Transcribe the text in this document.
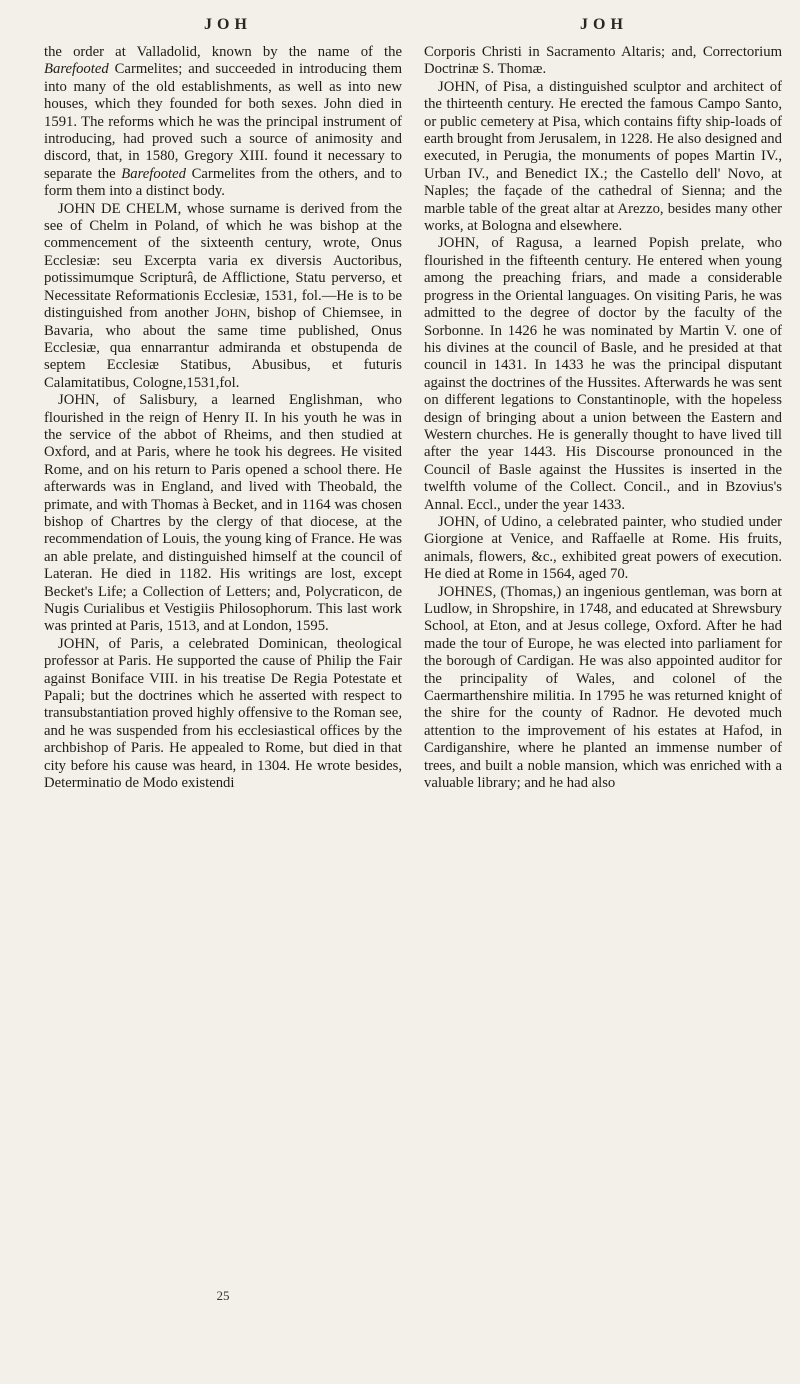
JOH	JOH

the order at Valladolid, known by the name of the Barefooted Carmelites; and succeeded in introducing them into many of the old establishments, as well as into new houses, which they founded for both sexes. John died in 1591. The reforms which he was the principal instrument of introducing, had proved such a source of animosity and discord, that, in 1580, Gregory XIII. found it necessary to separate the Barefooted Carmelites from the others, and to form them into a distinct body.

JOHN DE CHELM, whose surname is derived from the see of Chelm in Poland, of which he was bishop at the commencement of the sixteenth century, wrote, Onus Ecclesiæ: seu Excerpta varia ex diversis Auctoribus, potissimumque Scripturâ, de Afflictione, Statu perverso, et Necessitate Reformationis Ecclesiæ, 1531, fol.—He is to be distinguished from another JOHN, bishop of Chiemsee, in Bavaria, who about the same time published, Onus Ecclesiæ, qua ennarrantur admiranda et obstupenda de septem Ecclesiæ Statibus, Abusibus, et futuris Calamitatibus, Cologne,1531,fol.

JOHN, of Salisbury, a learned Englishman, who flourished in the reign of Henry II. In his youth he was in the service of the abbot of Rheims, and then studied at Oxford, and at Paris, where he took his degrees. He visited Rome, and on his return to Paris opened a school there. He afterwards was in England, and lived with Theobald, the primate, and with Thomas à Becket, and in 1164 was chosen bishop of Chartres by the clergy of that diocese, at the recommendation of Louis, the young king of France. He was an able prelate, and distinguished himself at the council of Lateran. He died in 1182. His writings are lost, except Becket's Life; a Collection of Letters; and, Polycraticon, de Nugis Curialibus et Vestigiis Philosophorum. This last work was printed at Paris, 1513, and at London, 1595.

JOHN, of Paris, a celebrated Dominican, theological professor at Paris. He supported the cause of Philip the Fair against Boniface VIII. in his treatise De Regia Potestate et Papali; but the doctrines which he asserted with respect to transubstantiation proved highly offensive to the Roman see, and he was suspended from his ecclesiastical offices by the archbishop of Paris. He appealed to Rome, but died in that city before his cause was heard, in 1304. He wrote besides, Determinatio de Modo existendi

Corporis Christi in Sacramento Altaris; and, Correctorium Doctrinæ S. Thomæ.

JOHN, of Pisa, a distinguished sculptor and architect of the thirteenth century. He erected the famous Campo Santo, or public cemetery at Pisa, which contains fifty ship-loads of earth brought from Jerusalem, in 1228. He also designed and executed, in Perugia, the monuments of popes Martin IV., Urban IV., and Benedict IX.; the Castello dell' Novo, at Naples; the façade of the cathedral of Sienna; and the marble table of the great altar at Arezzo, besides many other works, at Bologna and elsewhere.

JOHN, of Ragusa, a learned Popish prelate, who flourished in the fifteenth century. He entered when young among the preaching friars, and made a considerable progress in the Oriental languages. On visiting Paris, he was admitted to the degree of doctor by the faculty of the Sorbonne. In 1426 he was nominated by Martin V. one of his divines at the council of Basle, and he presided at that council in 1431. In 1433 he was the principal disputant against the doctrines of the Hussites. Afterwards he was sent on different legations to Constantinople, with the hopeless design of bringing about a union between the Eastern and Western churches. He is generally thought to have lived till after the year 1443. His Discourse pronounced in the Council of Basle against the Hussites is inserted in the twelfth volume of the Collect. Concil., and in Bzovius's Annal. Eccl., under the year 1433.

JOHN, of Udino, a celebrated painter, who studied under Giorgione at Venice, and Raffaelle at Rome. His fruits, animals, flowers, &c., exhibited great powers of execution. He died at Rome in 1564, aged 70.

JOHNES, (Thomas,) an ingenious gentleman, was born at Ludlow, in Shropshire, in 1748, and educated at Shrewsbury School, at Eton, and at Jesus college, Oxford. After he had made the tour of Europe, he was elected into parliament for the borough of Cardigan. He was also appointed auditor for the principality of Wales, and colonel of the Caermarthenshire militia. In 1795 he was returned knight of the shire for the county of Radnor. He devoted much attention to the improvement of his estates at Hafod, in Cardiganshire, where he planted an immense number of trees, and built a noble mansion, which was enriched with a valuable library; and he had also

25
